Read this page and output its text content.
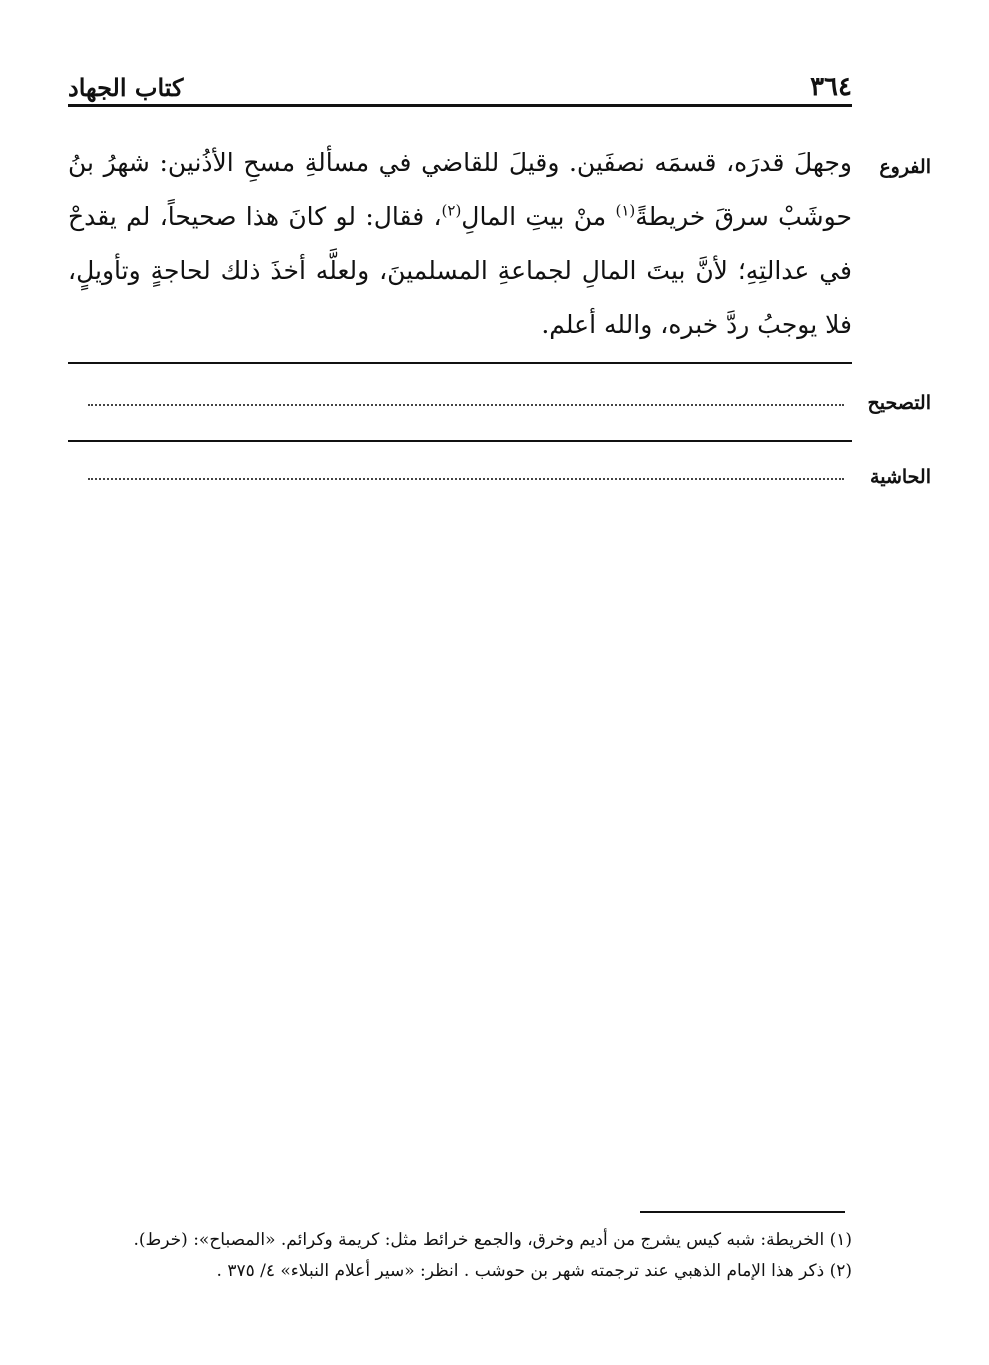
كتاب الجهاد	٣٦٤
الفروع

وجهلَ قدرَه، قسمَه نصفَين. وقيلَ للقاضي في مسألةِ مسحِ الأذُنين: شهرُ بنُ حوشَبْ سرقَ خريطةً$^{(١)}$ منْ بيتِ المالِ$^{(٢)}$، فقال: لو كانَ هذا صحيحاً، لم يقدحْ في عدالتِهِ؛ لأنَّ بيتَ المالِ لجماعةِ المسلمينَ، ولعلَّه أخذَ ذلك لحاجةٍ وتأويلٍ، فلا يوجبُ ردَّ خبره، والله أعلم.

التصحيح
الحاشية

(١) الخريطة: شبه كيس يشرج من أديم وخرق، والجمع خرائط مثل: كريمة وكرائم. «المصباح»: (خرط).

(٢) ذكر هذا الإمام الذهبي عند ترجمته شهر بن حوشب . انظر: «سير أعلام النبلاء» ٤/ ٣٧٥ .
